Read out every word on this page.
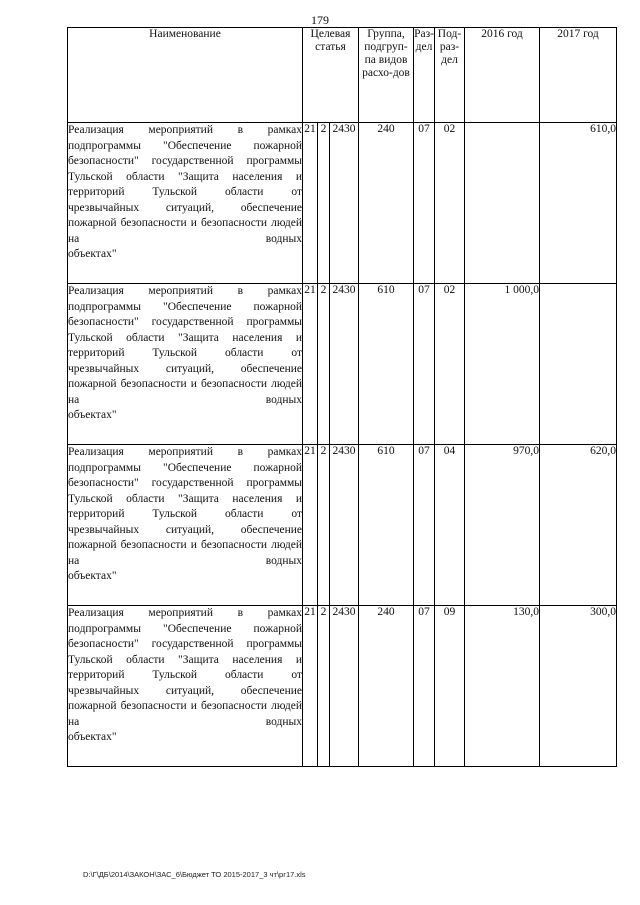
179
Наименование	Целевая статья			Группа, подгруп-па видов расхо-дов	Раз-дел	Под-раз-дел	2016 год	2017 год
Реализация мероприятий в рамках подпрограммы "Обеспечение пожарной безопасности" государственной программы Тульской области "Защита населения и территорий Тульской области от чрезвычайных ситуаций, обеспечение пожарной безопасности и безопасности людей на водных
объектах"	21	2	2430	240	07	02		610,0
Реализация мероприятий в рамках подпрограммы "Обеспечение пожарной безопасности" государственной программы Тульской области "Защита населения и территорий Тульской области от чрезвычайных ситуаций, обеспечение пожарной безопасности и безопасности людей на водных
объектах"	21	2	2430	610	07	02	1 000,0	
Реализация мероприятий в рамках подпрограммы "Обеспечение пожарной безопасности" государственной программы Тульской области "Защита населения и территорий Тульской области от чрезвычайных ситуаций, обеспечение пожарной безопасности и безопасности людей на водных
объектах"	21	2	2430	610	07	04	970,0	620,0
Реализация мероприятий в рамках подпрограммы "Обеспечение пожарной безопасности" государственной программы Тульской области "Защита населения и территорий Тульской области от чрезвычайных ситуаций, обеспечение пожарной безопасности и безопасности людей на водных
объектах"	21	2	2430	240	07	09	130,0	300,0
D:\Г\ДБ\2014\ЗАКОН\ЗАС_6\Бюджет ТО 2015-2017_3 чт\рг17.xls
